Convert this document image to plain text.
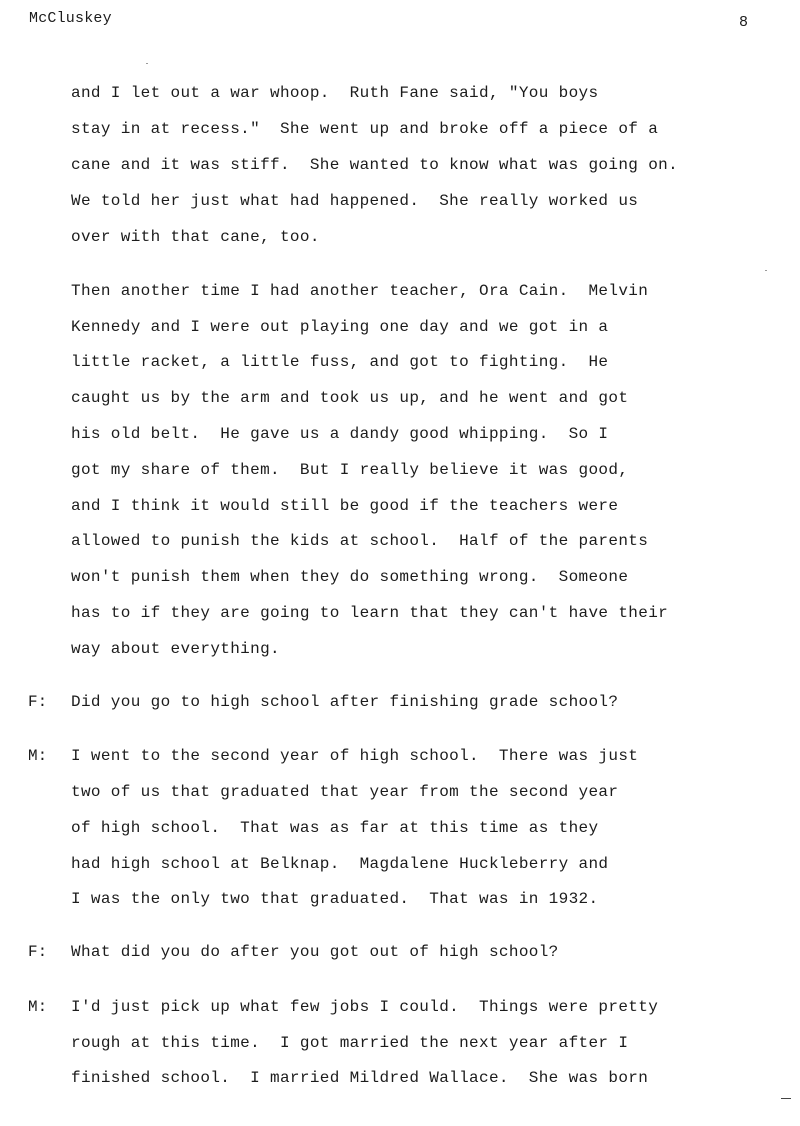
McCluskey	8
and I let out a war whoop.  Ruth Fane said, "You boys
stay in at recess."  She went up and broke off a piece of a
cane and it was stiff.  She wanted to know what was going on.
We told her just what had happened.  She really worked us
over with that cane, too.
Then another time I had another teacher, Ora Cain.  Melvin
Kennedy and I were out playing one day and we got in a
little racket, a little fuss, and got to fighting.  He
caught us by the arm and took us up, and he went and got
his old belt.  He gave us a dandy good whipping.  So I
got my share of them.  But I really believe it was good,
and I think it would still be good if the teachers were
allowed to punish the kids at school.  Half of the parents
won't punish them when they do something wrong.  Someone
has to if they are going to learn that they can't have their
way about everything.
F: Did you go to high school after finishing grade school?
M: I went to the second year of high school.  There was just
two of us that graduated that year from the second year
of high school.  That was as far at this time as they
had high school at Belknap.  Magdalene Huckleberry and
I was the only two that graduated.  That was in 1932.
F: What did you do after you got out of high school?
M: I'd just pick up what few jobs I could.  Things were pretty
rough at this time.  I got married the next year after I
finished school.  I married Mildred Wallace.  She was born
